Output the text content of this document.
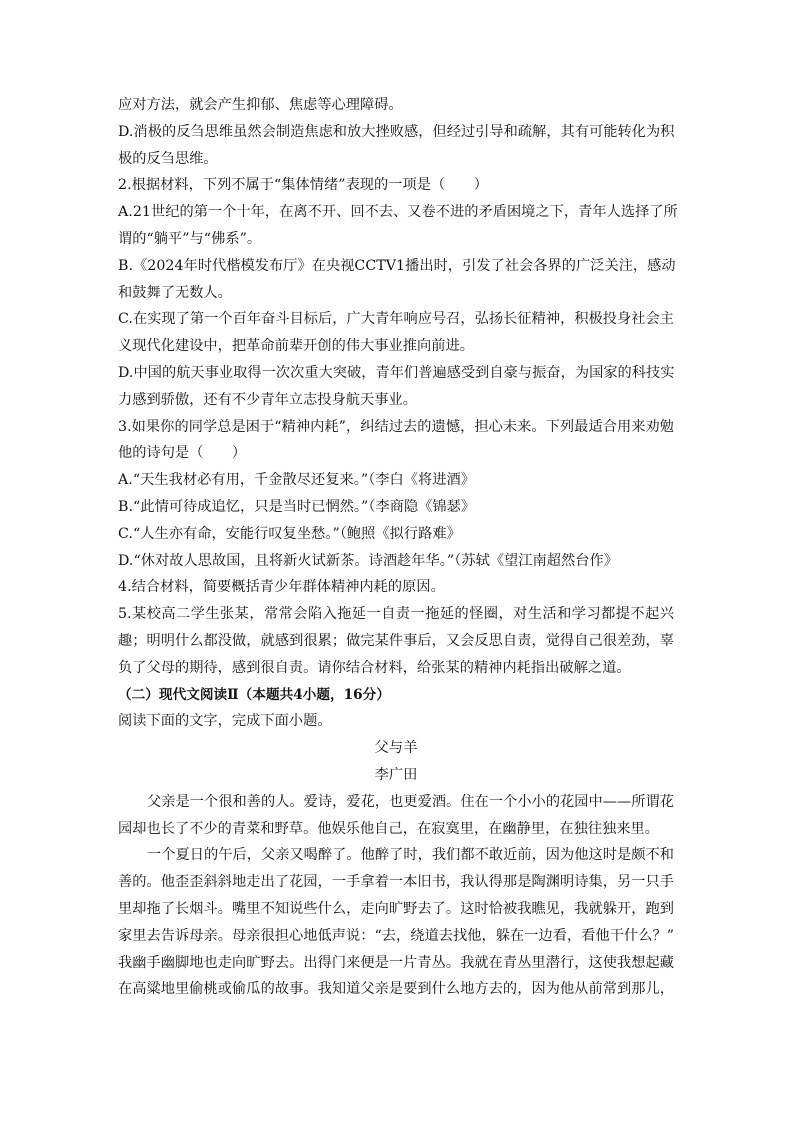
应对方法，就会产生抑郁、焦虑等心理障碍。
D.消极的反刍思维虽然会制造焦虑和放大挫败感，但经过引导和疏解，其有可能转化为积
极的反刍思维。
2.根据材料，下列不属于“集体情绪”表现的一项是（　　）
A.21世纪的第一个十年，在离不开、回不去、又卷不进的矛盾困境之下，青年人选择了所
谓的“躺平”与“佛系”。
B.《2024年时代楷模发布厅》在央视CCTV1播出时，引发了社会各界的广泛关注，感动
和鼓舞了无数人。
C.在实现了第一个百年奋斗目标后，广大青年响应号召，弘扬长征精神，积极投身社会主
义现代化建设中，把革命前辈开创的伟大事业推向前进。
D.中国的航天事业取得一次次重大突破，青年们普遍感受到自豪与振奋，为国家的科技实
力感到骄傲，还有不少青年立志投身航天事业。
3.如果你的同学总是困于“精神内耗”，纠结过去的遗憾，担心未来。下列最适合用来劝勉
他的诗句是（　　）
A.“天生我材必有用，千金散尽还复来。”（李白《将进酒》
B.“此情可待成追忆，只是当时已惘然。”（李商隐《锦瑟》
C.“人生亦有命，安能行叹复坐愁。”（鲍照《拟行路难》
D.“休对故人思故国，且将新火试新茶。诗酒趁年华。”（苏轼《望江南超然台作》
4.结合材料，简要概括青少年群体精神内耗的原因。
5.某校高二学生张某，常常会陷入拖延一自责一拖延的怪圈，对生活和学习都提不起兴
趣；明明什么都没做，就感到很累；做完某件事后，又会反思自责，觉得自己很差劲，辜
负了父母的期待，感到很自责。请你结合材料，给张某的精神内耗指出破解之道。
（二）现代文阅读Ⅱ（本题共4小题，16分）
阅读下面的文字，完成下面小题。
父与羊
李广田
父亲是一个很和善的人。爱诗，爱花，也更爱酒。住在一个小小的花园中——所谓花
园却也长了不少的青菜和野草。他娱乐他自己，在寂寞里，在幽静里，在独往独来里。
一个夏日的午后，父亲又喝醉了。他醉了时，我们都不敢近前，因为他这时是颇不和
善的。他歪歪斜斜地走出了花园，一手拿着一本旧书，我认得那是陶渊明诗集，另一只手
里却拖了长烟斗。嘴里不知说些什么，走向旷野去了。这时恰被我瞧见，我就躲开，跑到
家里去告诉母亲。母亲很担心地低声说：“去，绕道去找他，躲在一边看，看他干什么？”
我幽手幽脚地也走向旷野去。出得门来便是一片青丛。我就在青丛里潜行，这使我想起藏
在高粱地里偷桃或偷瓜的故事。我知道父亲是要到什么地方去的，因为他从前常到那儿，
